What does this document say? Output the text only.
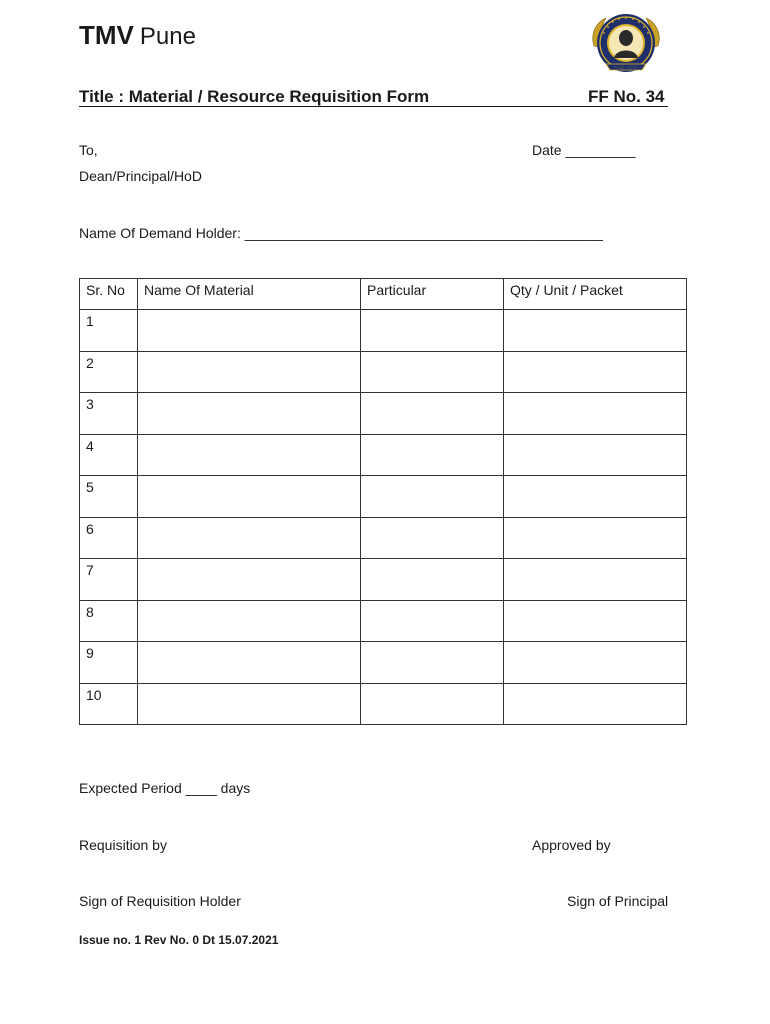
TMV Pune
Estd. 1921
Title : Material / Resource Requisition Form	FF No. 34
To,	Date _________
Dean/Principal/HoD
Name Of Demand Holder: ______________________________________________
Sr. No	Name Of Material	Particular	Qty / Unit / Packet
1			
2			
3			
4			
5			
6			
7			
8			
9			
10			
Expected Period ____ days
Requisition by	Approved by
Sign of Requisition Holder	Sign of Principal
Issue no. 1 Rev No. 0 Dt 15.07.2021
